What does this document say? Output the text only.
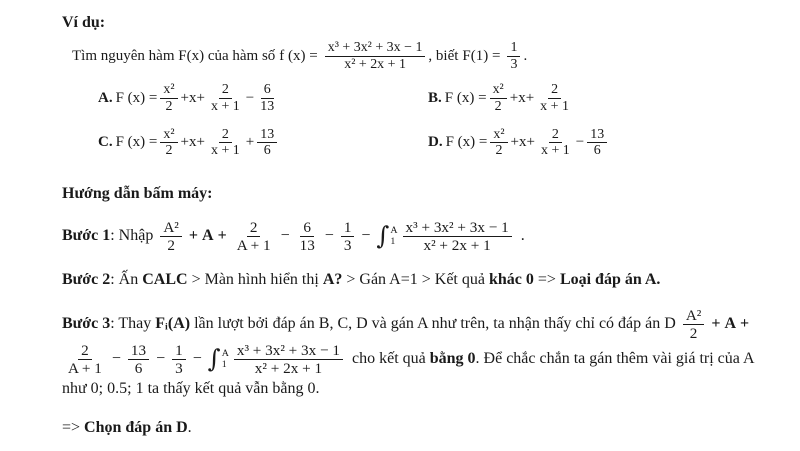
Ví dụ:
Tìm nguyên hàm F(x) của hàm số f $(x) = \frac{\text{x³ + 3x² + 3x − 1}}{\text{x² + 2x + 1}}$ , biết $F(1) = \frac{1}{3}$ .
A. F $(x) = \frac{\text{x²}}{2} + x + \frac{2}{x + 1} - \frac{6}{13}$	B. F $(x) = \frac{\text{x²}}{2} + x + \frac{2}{x + 1}$
C. F $(x) = \frac{\text{x²}}{2} + x + \frac{2}{x + 1} + \frac{13}{6}$	D. F $(x) = \frac{\text{x²}}{2} + x + \frac{2}{x + 1} - \frac{13}{6}$
Hướng dẫn bấm máy:
Bước 1: Nhập $\frac{\text{A²}}{2} + A + \frac{2}{A + 1} - \frac{6}{13} - \frac{1}{3}$ − ∫ A
$1 \frac{\text{x³ + 3x² + 3x − 1}}{\text{x² + 2x + 1}}$ .
Bước 2: Ấn CALC > Màn hình hiển thị A? > Gán A=1 > Kết quả khác 0 => Loại đáp án A.
Bước 3: Thay Fᵢ(A) lần lượt bởi đáp án B, C, D và gán A như trên, ta nhận thấy chỉ có đáp án D $\frac{\text{A²}}{2} + A$ +
$\frac{2}{A + 1} - \frac{13}{6} - \frac{1}{3}$ − ∫ A
$1 \frac{\text{x³ + 3x² + 3x − 1}}{\text{x² + 2x + 1}}$ cho kết quả bằng 0. Để chắc chắn ta gán thêm vài giá trị của A như 0; 0.5; 1 ta thấy kết quả vẫn bằng 0.
=> Chọn đáp án D.
